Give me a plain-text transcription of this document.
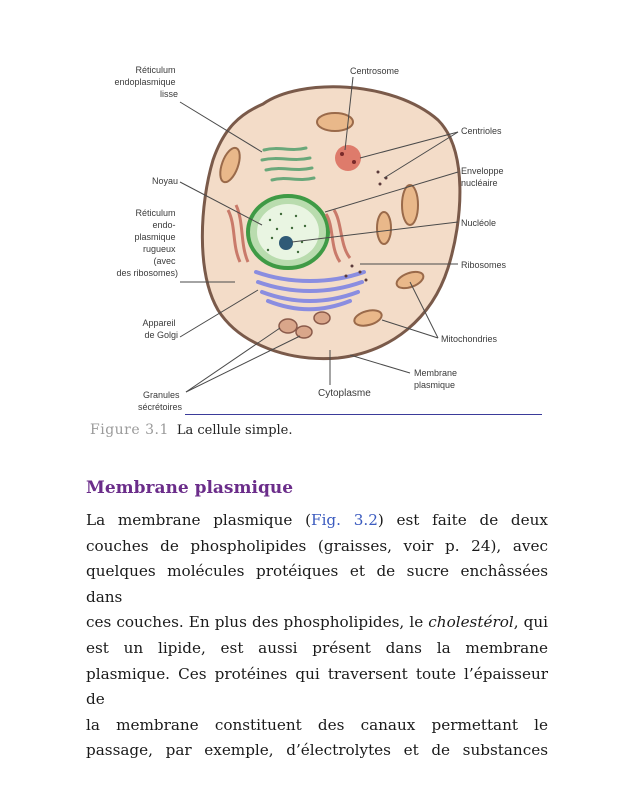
Réticulum endoplasmique lisse
Centrosome
Centrioles
Noyau
Enveloppe nucléaire
Réticulum endo- plasmique rugueux (avec des ribosomes)
Nucléole
Ribosomes
Appareil de Golgi	Mitochondries
Membrane plasmique
Granules sécrétoires
Cytoplasme
Figure 3.1 La cellule simple.
Membrane plasmique

La membrane plasmique (Fig. 3.2) est faite de deux
couches de phospholipides (graisses, voir p. 24), avec
quelques molécules protéiques et de sucre enchâssées dans
ces couches. En plus des phospholipides, le cholestérol, qui
est un lipide, est aussi présent dans la membrane
plasmique. Ces protéines qui traversent toute l’épaisseur de
la membrane constituent des canaux permettant le
passage, par exemple, d’électrolytes et de substances
